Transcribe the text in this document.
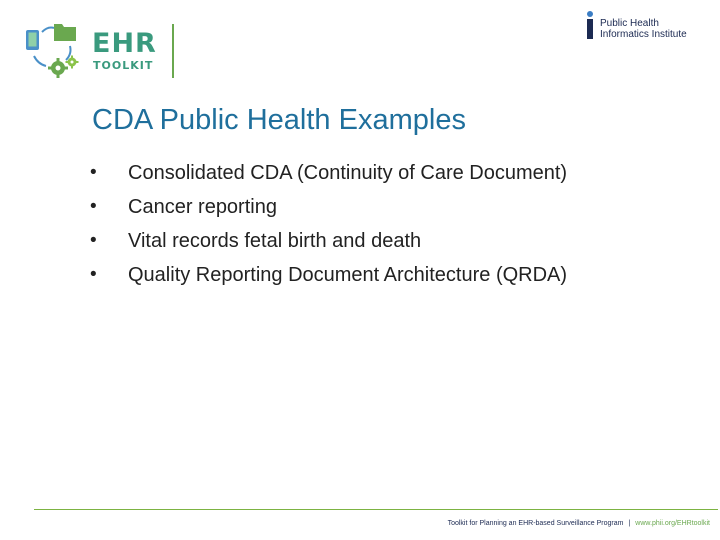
EHR
TOOLKIT
Public Health
Informatics Institute
CDA Public Health Examples
•	Consolidated CDA (Continuity of Care Document)
•	Cancer reporting
•	Vital records fetal birth and death
•	Quality Reporting Document Architecture (QRDA)
Toolkit for Planning an EHR-based Surveillance Program | www.phii.org/EHRtoolkit
